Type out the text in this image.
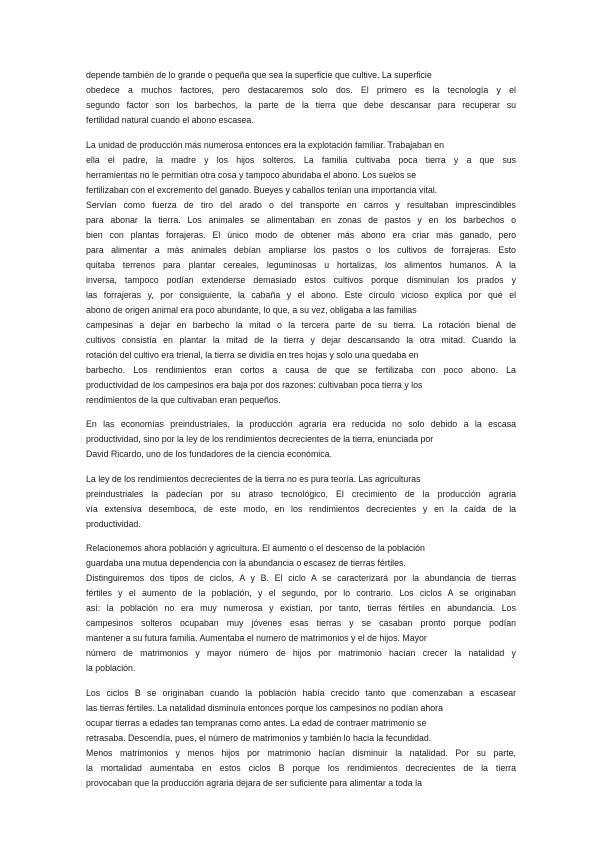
depende también de lo grande o pequeña que sea la superficie que cultive. La superficie
obedece a muchos factores, pero destacaremos solo dos. El primero es la tecnología y el
segundo factor son los barbechos, la parte de la tierra que debe descansar para recuperar su
fertilidad natural cuando el abono escasea.

La unidad de producción más numerosa entonces era la explotación familiar. Trabajaban en
ella el padre, la madre y los hijos solteros. La familia cultivaba poca tierra y a que sus
herramientas no le permitían otra cosa y tampoco abundaba el abono. Los suelos se
fertilizaban con el excremento del ganado. Bueyes y caballos tenían una importancia vital.
Servían como fuerza de tiro del arado o del transporte en carros y resultaban imprescindibles
para abonar la tierra. Los animales se alimentaban en zonas de pastos y en los barbechos o
bien con plantas forrajeras. El único modo de obtener más abono era criar más ganado, pero
para alimentar a más animales debían ampliarse los pastos o los cultivos de forrajeras. Esto
quitaba terrenos para plantar cereales, leguminosas u hortalizas, los alimentos humanos. A la
inversa, tampoco podían extenderse demasiado estos cultivos porque disminuían los prados y
las forrajeras y, por consiguiente, la cabaña y el abono. Este círculo vicioso explica por qué el
abono de origen animal era poco abundante, lo que, a su vez, obligaba a las familias
campesinas a dejar en barbecho la mitad o la tercera parte de su tierra. La rotación bienal de
cultivos consistía en plantar la mitad de la tierra y dejar descansando la otra mitad. Cuando la
rotación del cultivo era trienal, la tierra se dividía en tres hojas y solo una quedaba en
barbecho. Los rendimientos eran cortos a causa de que se fertilizaba con poco abono. La
productividad de los campesinos era baja por dos razones: cultivaban poca tierra y los
rendimientos de la que cultivaban eran pequeños.

En las economías preindustriales, la producción agraria era reducida no solo debido a la escasa
productividad, sino por la ley de los rendimientos decrecientes de la tierra, enunciada por
David Ricardo, uno de los fundadores de la ciencia económica.

La ley de los rendimientos decrecientes de la tierra no es pura teoría. Las agriculturas
preindustriales la padecían por su atraso tecnológico. El crecimiento de la producción agraria
vía extensiva desemboca, de este modo, en los rendimientos decrecientes y en la caída de la
productividad.

Relacionemos ahora población y agricultura. El aumento o el descenso de la población
guardaba una mutua dependencia con la abundancia o escasez de tierras fértiles.
Distinguiremos dos tipos de ciclos, A y B. El ciclo A se caracterizará por la abundancia de tierras
fértiles y el aumento de la población, y el segundo, por lo contrario. Los ciclos A se originaban
así: la población no era muy numerosa y existían, por tanto, tierras fértiles en abundancia. Los
campesinos solteros ocupaban muy jóvenes esas tierras y se casaban pronto porque podían
mantener a su futura familia. Aumentaba el numero de matrimonios y el de hijos. Mayor
número de matrimonios y mayor número de hijos por matrimonio hacían crecer la natalidad y
la población.

Los ciclos B se originaban cuando la población había crecido tanto que comenzaban a escasear
las tierras fértiles. La natalidad disminuía entonces porque los campesinos no podían ahora
ocupar tierras a edades tan tempranas como antes. La edad de contraer matrimonio se
retrasaba. Descendía, pues, el número de matrimonios y también lo hacia la fecundidad.
Menos matrimonios y menos hijos por matrimonio hacían disminuir la natalidad. Por su parte,
la mortalidad aumentaba en estos ciclos B porque los rendimientos decrecientes de la tierra
provocaban que la producción agraria dejara de ser suficiente para alimentar a toda la
